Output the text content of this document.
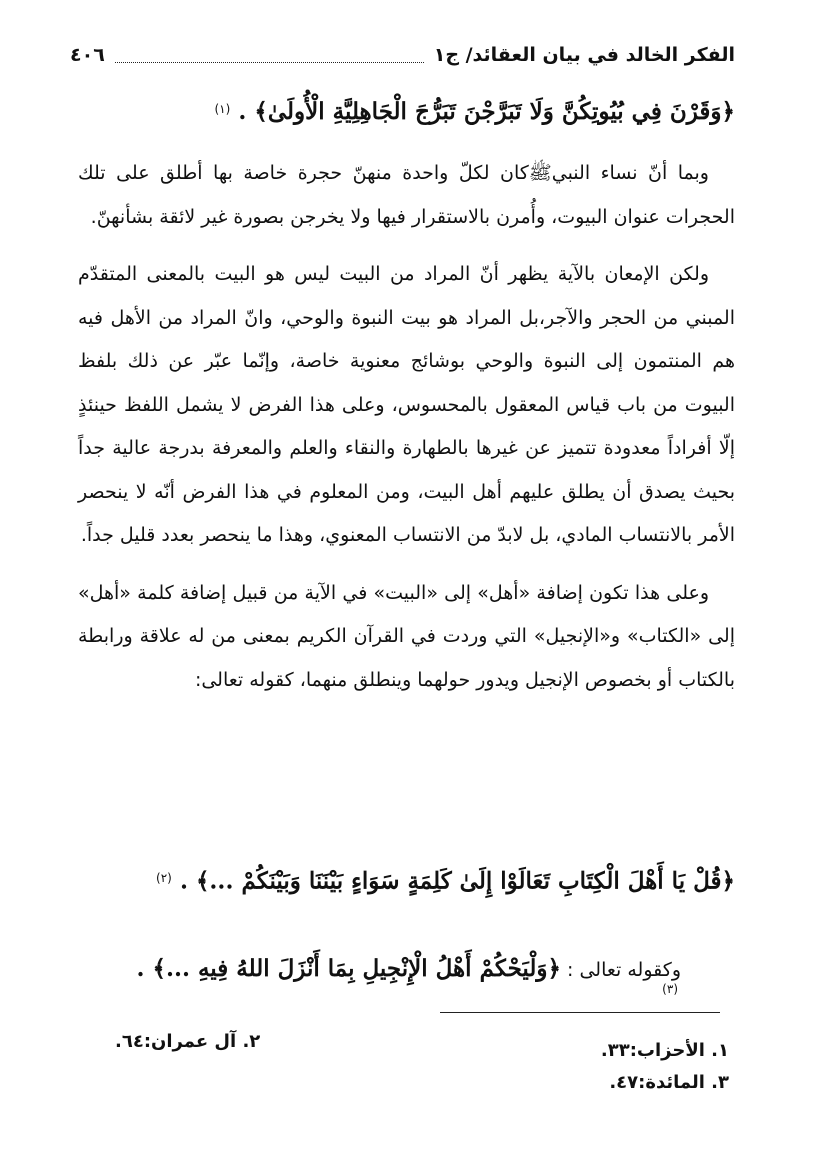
الفكر الخالد في بيان العقائد/ ج١
٤٠٦
﴿وَقَرْنَ فِي بُيُوتِكُنَّ وَلَا تَبَرَّجْنَ تَبَرُّجَ الْجَاهِلِيَّةِ الْأُولَىٰ﴾ . $^{(١)}$

وبما أنّ نساء النبيﷺكان لكلّ واحدة منهنّ حجرة خاصة بها أطلق على تلك الحجرات عنوان البيوت، وأُمرن بالاستقرار فيها ولا يخرجن بصورة غير لائقة بشأنهنّ.

ولكن الإمعان بالآية يظهر أنّ المراد من البيت ليس هو البيت بالمعنى المتقدّم المبني من الحجر والآجر،بل المراد هو بيت النبوة والوحي، وانّ المراد من الأهل فيه هم المنتمون إلى النبوة والوحي بوشائج معنوية خاصة، وإنّما عبّر عن ذلك بلفظ البيوت من باب قياس المعقول بالمحسوس، وعلى هذا الفرض لا يشمل اللفظ حينئذٍ إلّا أفراداً معدودة تتميز عن غيرها بالطهارة والنقاء والعلم والمعرفة بدرجة عالية جداً بحيث يصدق أن يطلق عليهم أهل البيت، ومن المعلوم في هذا الفرض أنّه لا ينحصر الأمر بالانتساب المادي، بل لابدّ من الانتساب المعنوي، وهذا ما ينحصر بعدد قليل جداً.

وعلى هذا تكون إضافة «أهل» إلى «البيت» في الآية من قبيل إضافة كلمة «أهل» إلى «الكتاب» و«الإنجيل» التي وردت في القرآن الكريم بمعنى من له علاقة ورابطة بالكتاب أو بخصوص الإنجيل ويدور حولهما وينطلق منهما، كقوله تعالى:

﴿قُلْ يَا أَهْلَ الْكِتَابِ تَعَالَوْا إِلَىٰ كَلِمَةٍ سَوَاءٍ بَيْنَنَا وَبَيْنَكُمْ ...﴾ . $^{(٢)}$
وكقوله تعالى : ﴿وَلْيَحْكُمْ أَهْلُ الْإِنْجِيلِ بِمَا أَنْزَلَ اللهُ فِيهِ ...﴾ . $^{(٣)}$
١. الأحزاب:٣٣.
٢. آل عمران:٦٤.
٣. المائدة:٤٧.
